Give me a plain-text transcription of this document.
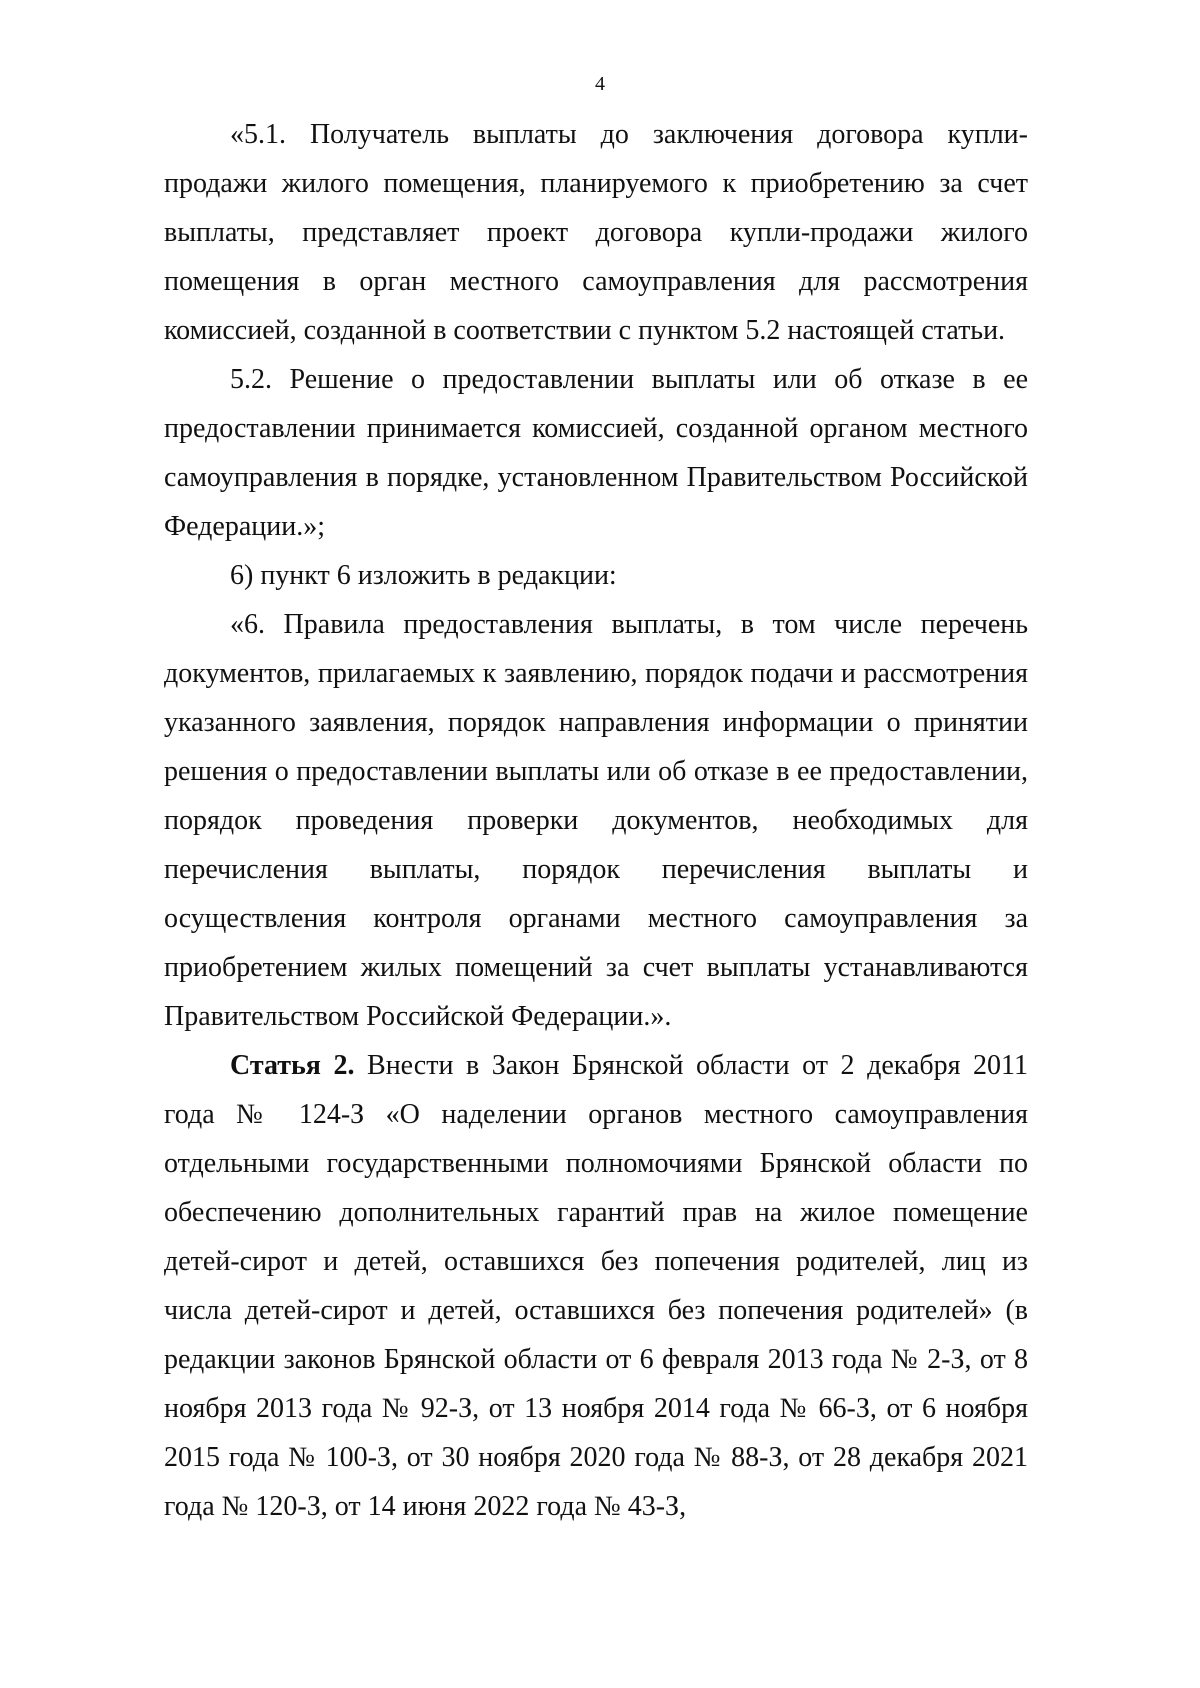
4

«5.1. Получатель выплаты до заключения договора купли-продажи жилого помещения, планируемого к приобретению за счет выплаты, представляет проект договора купли-продажи жилого помещения в орган местного самоуправления для рассмотрения комиссией, созданной в соответствии с пунктом 5.2 настоящей статьи.

5.2. Решение о предоставлении выплаты или об отказе в ее предоставлении принимается комиссией, созданной органом местного самоуправления в порядке, установленном Правительством Российской Федерации.»;

6) пункт 6 изложить в редакции:

«6. Правила предоставления выплаты, в том числе перечень документов, прилагаемых к заявлению, порядок подачи и рассмотрения указанного заявления, порядок направления информации о принятии решения о предоставлении выплаты или об отказе в ее предоставлении, порядок проведения проверки документов, необходимых для перечисления выплаты, порядок перечисления выплаты и осуществления контроля органами местного самоуправления за приобретением жилых помещений за счет выплаты устанавливаются Правительством Российской Федерации.».

Статья 2. Внести в Закон Брянской области от 2 декабря 2011 года № 124-З «О наделении органов местного самоуправления отдельными государственными полномочиями Брянской области по обеспечению дополнительных гарантий прав на жилое помещение детей-сирот и детей, оставшихся без попечения родителей, лиц из числа детей-сирот и детей, оставшихся без попечения родителей» (в редакции законов Брянской области от 6 февраля 2013 года № 2-З, от 8 ноября 2013 года № 92-З, от 13 ноября 2014 года № 66-З, от 6 ноября 2015 года № 100-З, от 30 ноября 2020 года № 88-З, от 28 декабря 2021 года № 120-З, от 14 июня 2022 года № 43-З,
